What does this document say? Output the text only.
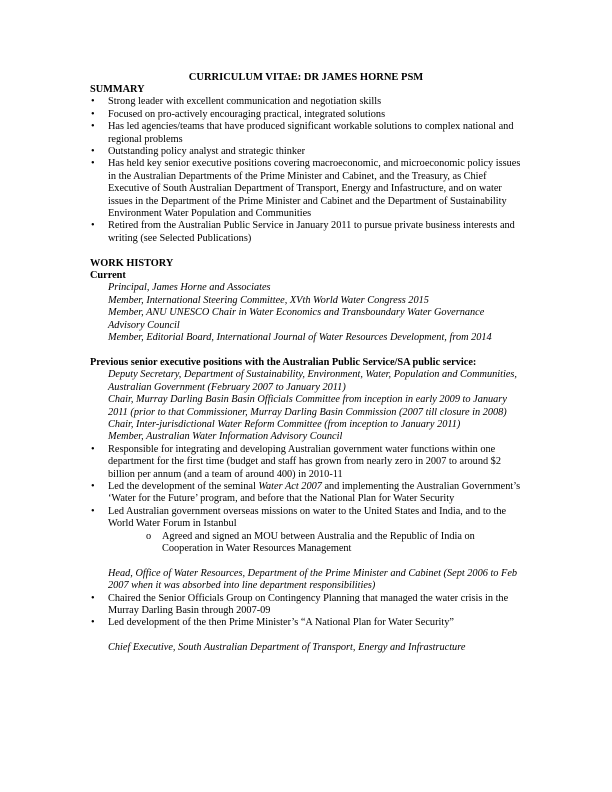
CURRICULUM VITAE: DR JAMES HORNE PSM

SUMMARY

• Strong leader with excellent communication and negotiation skills
• Focused on pro-actively encouraging practical, integrated solutions
• Has led agencies/teams that have produced significant workable solutions to complex national and regional problems
• Outstanding policy analyst and strategic thinker
• Has held key senior executive positions covering macroeconomic, and microeconomic policy issues in the Australian Departments of the Prime Minister and Cabinet, and the Treasury, as Chief Executive of South Australian Department of Transport, Energy and Infastructure, and on water issues in the Department of the Prime Minister and Cabinet and the Department of Sustainability Environment Water Population and Communities
• Retired from the Australian Public Service in January 2011 to pursue private business interests and writing (see Selected Publications)

WORK HISTORY

Current

Principal, James Horne and Associates

Member, International Steering Committee, XVth World Water Congress 2015

Member, ANU UNESCO Chair in Water Economics and Transboundary Water Governance Advisory Council

Member, Editorial Board, International Journal of Water Resources Development, from 2014

Previous senior executive positions with the Australian Public Service/SA public service:

Deputy Secretary, Department of Sustainability, Environment, Water, Population and Communities, Australian Government (February 2007 to January 2011)

Chair, Murray Darling Basin Basin Officials Committee from inception in early 2009 to January 2011 (prior to that Commissioner, Murray Darling Basin Commission (2007 till closure in 2008)

Chair, Inter-jurisdictional Water Reform Committee (from inception to January 2011)

Member, Australian Water Information Advisory Council

• Responsible for integrating and developing Australian government water functions within one department for the first time (budget and staff has grown from nearly zero in 2007 to around $2 billion per annum (and a team of around 400) in 2010-11
• Led the development of the seminal Water Act 2007 and implementing the Australian Government’s ‘Water for the Future’ program, and before that the National Plan for Water Security
• Led Australian government overseas missions on water to the United States and India, and to the World Water Forum in Istanbul
o Agreed and signed an MOU between Australia and the Republic of India on Cooperation in Water Resources Management

Head, Office of Water Resources, Department of the Prime Minister and Cabinet (Sept 2006 to Feb 2007 when it was absorbed into line department responsibilities)

• Chaired the Senior Officials Group on Contingency Planning that managed the water crisis in the Murray Darling Basin through 2007-09
• Led development of the then Prime Minister’s “A National Plan for Water Security”

Chief Executive, South Australian Department of Transport, Energy and Infrastructure
